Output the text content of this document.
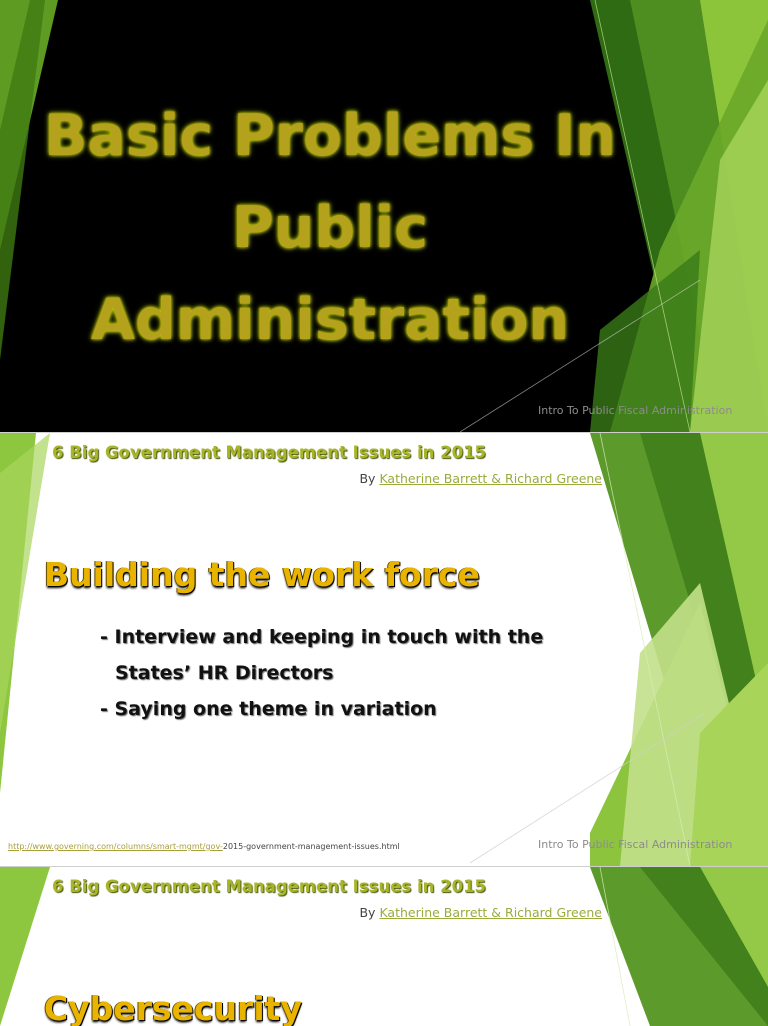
Basic Problems In
Public
Administration
Intro To Public Fiscal Administration
6 Big Government Management Issues in 2015
By Katherine Barrett & Richard Greene
Building the work force
- Interview and keeping in touch with the
States’ HR Directors
- Saying one theme in variation
http://www.governing.com/columns/smart-mgmt/gov-2015-government-management-issues.html	Intro To Public Fiscal Administration
6 Big Government Management Issues in 2015
By Katherine Barrett & Richard Greene
Cybersecurity
